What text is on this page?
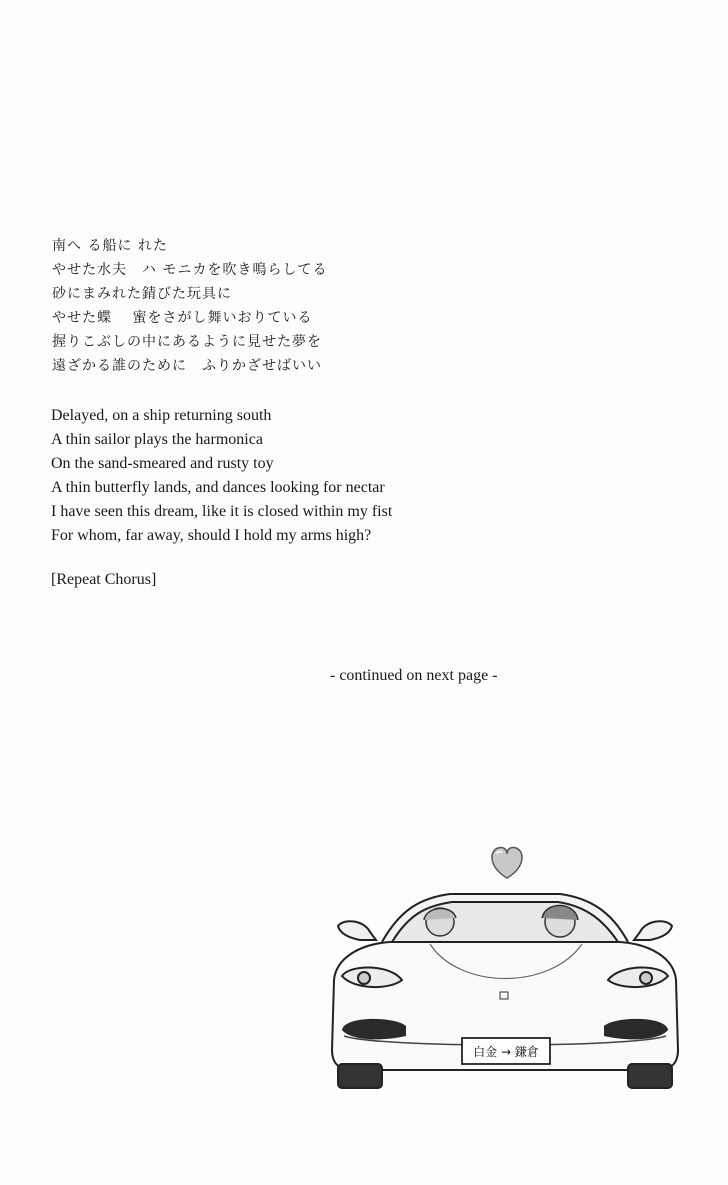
南へ る船に れた
やせた水夫　ハ モニカを吹き鳴らしてる
砂にまみれた錆びた玩具に
やせた蝶　 蜜をさがし舞いおりている
握りこぶしの中にあるように見せた夢を
遠ざかる誰のために　ふりかざせばいい
Delayed, on a ship returning south
A thin sailor plays the harmonica
On the sand-smeared and rusty toy
A thin butterfly lands, and dances looking for nectar
I have seen this dream, like it is closed within my fist
For whom, far away, should I hold my arms high?
[Repeat Chorus]
- continued on next page -
白金 → 鎌倉
